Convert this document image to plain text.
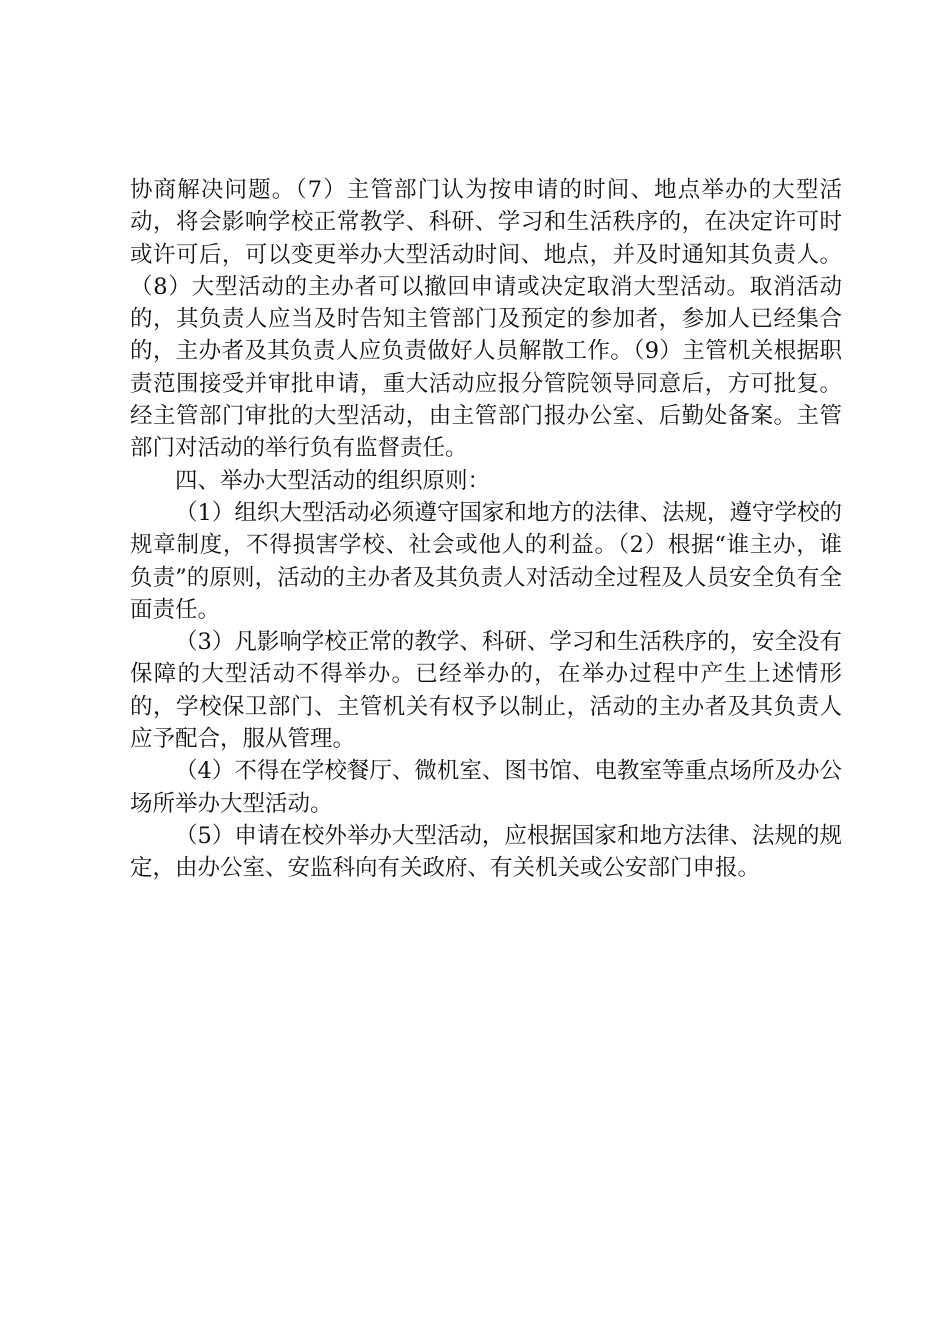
协商解决问题。（7）主管部门认为按申请的时间、地点举办的大型活动，将会影响学校正常教学、科研、学习和生活秩序的，在决定许可时或许可后，可以变更举办大型活动时间、地点，并及时通知其负责人。（8）大型活动的主办者可以撤回申请或决定取消大型活动。取消活动的，其负责人应当及时告知主管部门及预定的参加者，参加人已经集合的，主办者及其负责人应负责做好人员解散工作。（9）主管机关根据职责范围接受并审批申请，重大活动应报分管院领导同意后，方可批复。经主管部门审批的大型活动，由主管部门报办公室、后勤处备案。主管部门对活动的举行负有监督责任。

四、举办大型活动的组织原则：

（1）组织大型活动必须遵守国家和地方的法律、法规，遵守学校的规章制度，不得损害学校、社会或他人的利益。（2）根据“谁主办，谁负责”的原则，活动的主办者及其负责人对活动全过程及人员安全负有全面责任。

（3）凡影响学校正常的教学、科研、学习和生活秩序的，安全没有保障的大型活动不得举办。已经举办的，在举办过程中产生上述情形的，学校保卫部门、主管机关有权予以制止，活动的主办者及其负责人应予配合，服从管理。

（4）不得在学校餐厅、微机室、图书馆、电教室等重点场所及办公场所举办大型活动。

（5）申请在校外举办大型活动，应根据国家和地方法律、法规的规定，由办公室、安监科向有关政府、有关机关或公安部门申报。
